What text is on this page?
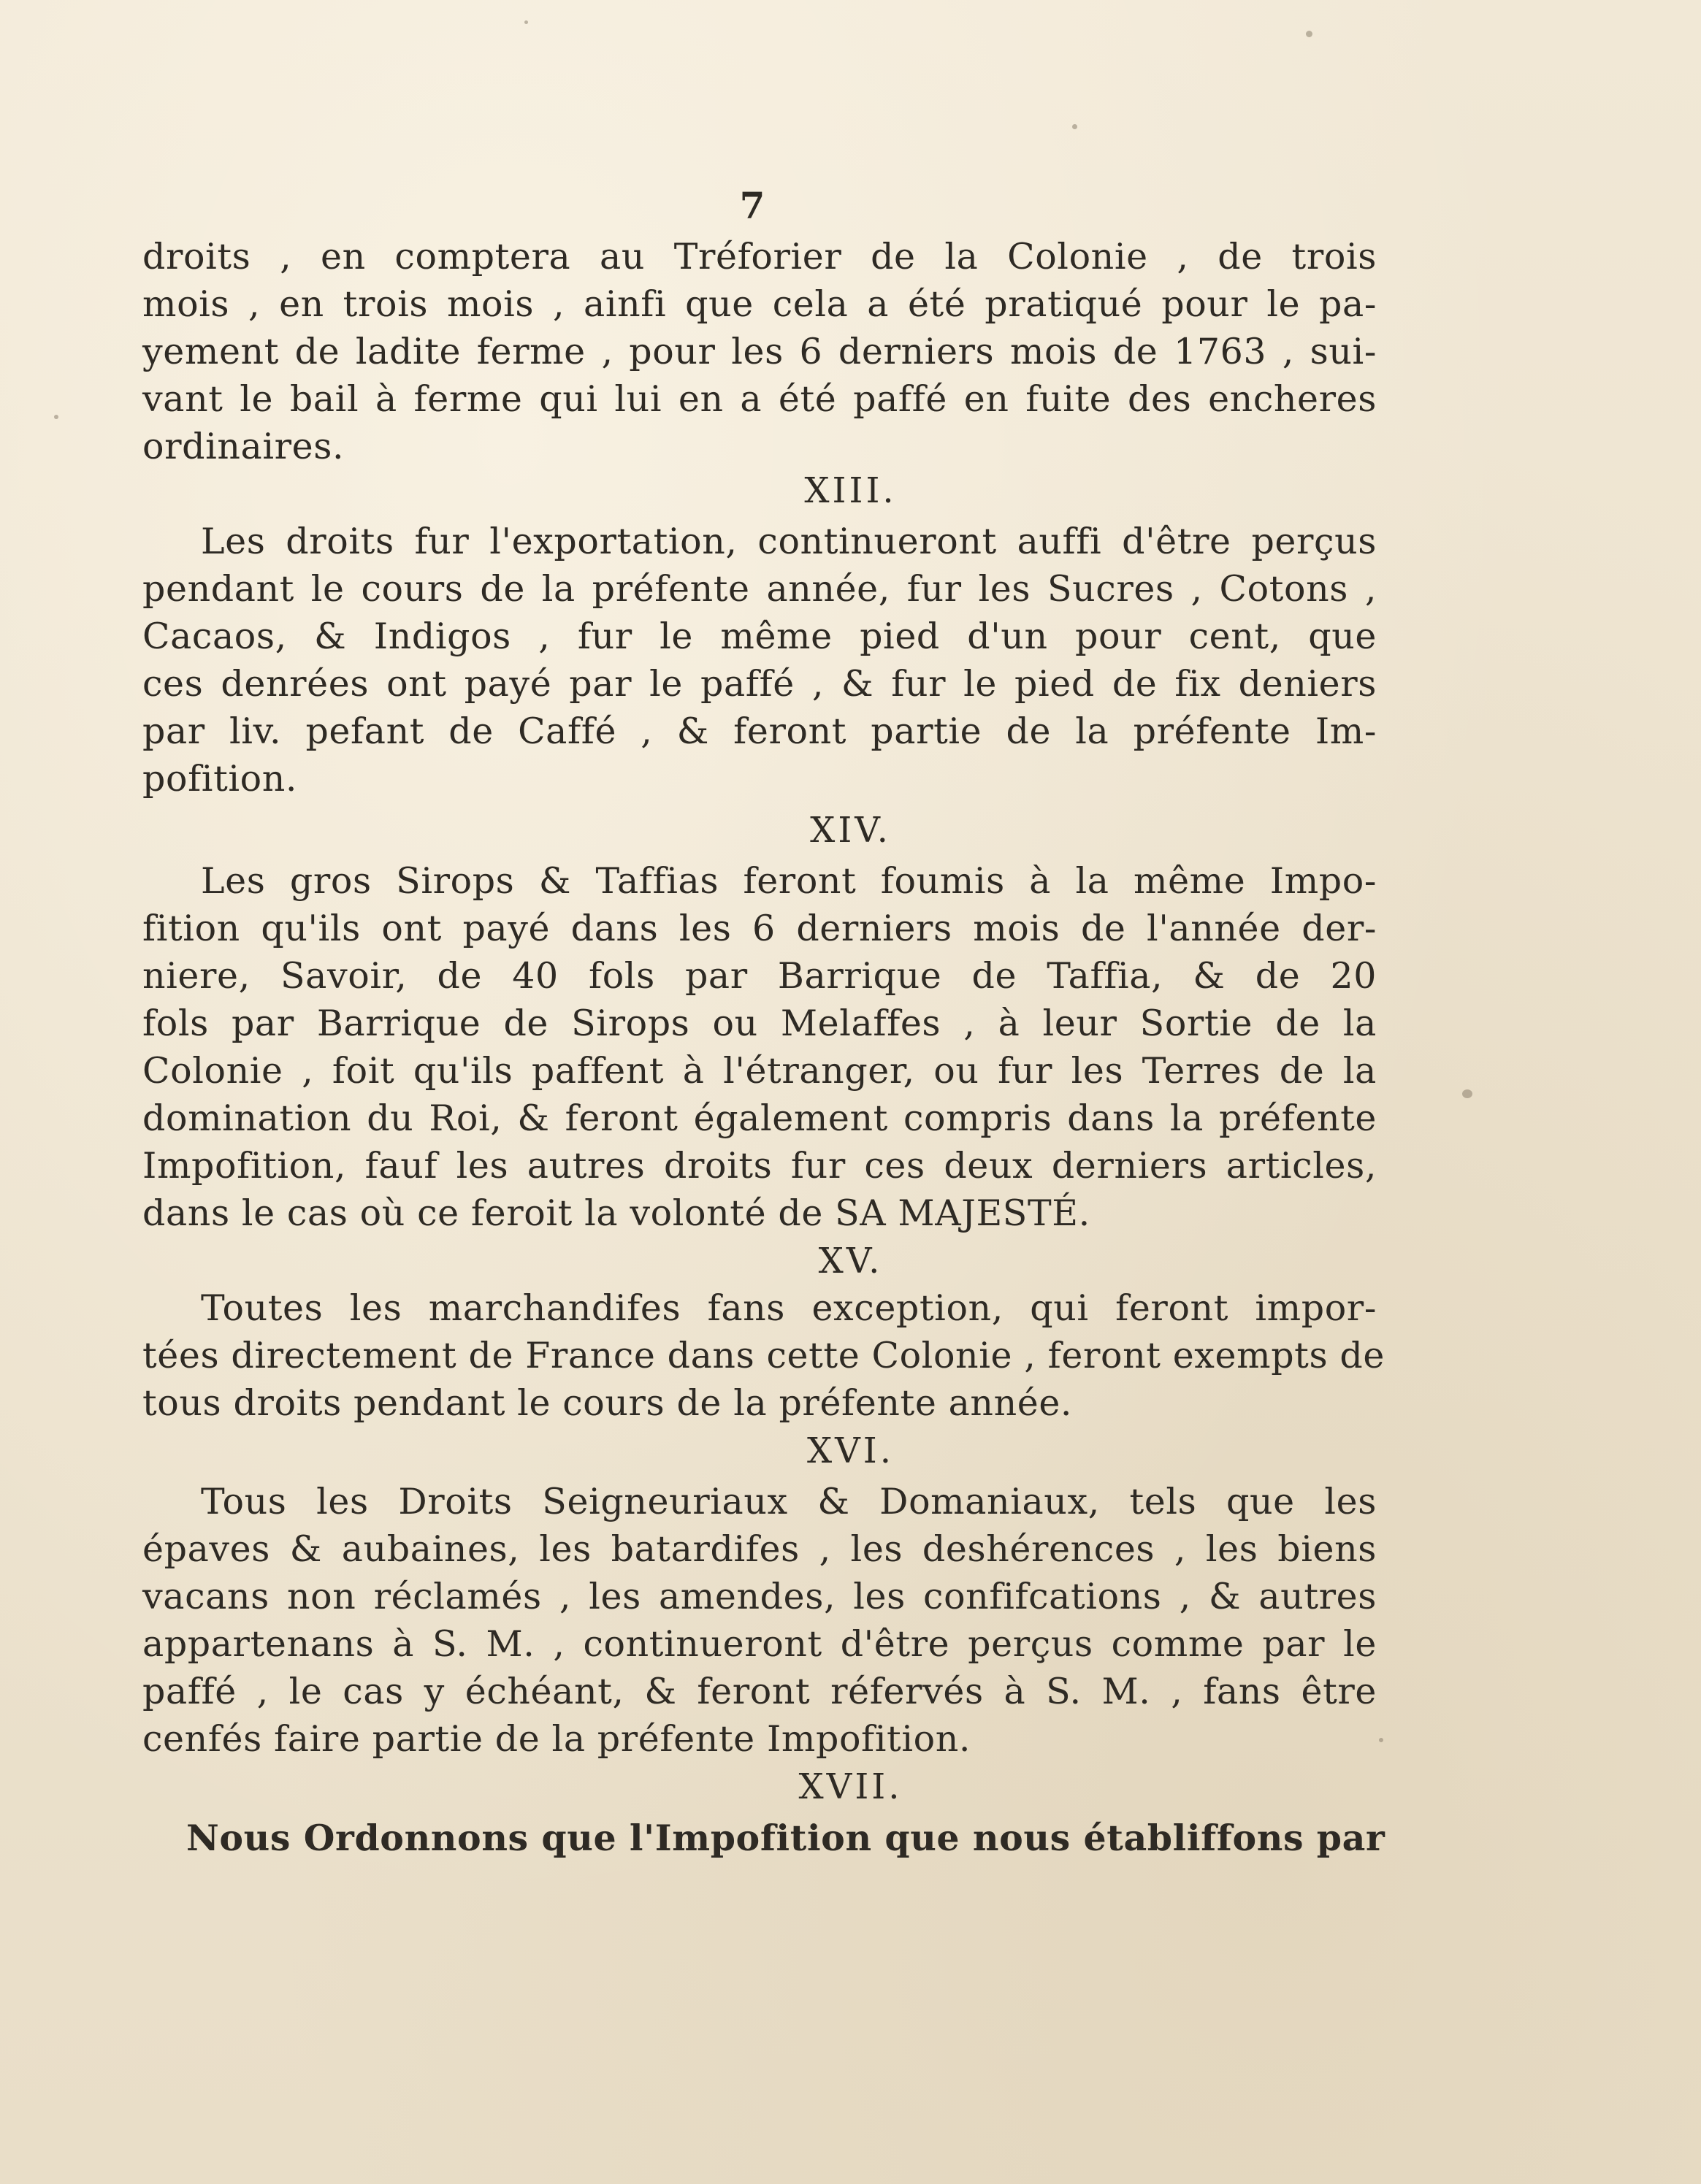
7
droits , en comptera au Tréforier de la Colonie , de trois
mois , en trois mois , ainfi que cela a été pratiqué pour le pa-
yement de ladite ferme , pour les 6 derniers mois de 1763 , sui-
vant le bail à ferme qui lui en a été paffé en fuite des encheres
ordinaires.
XIII.
Les droits fur l'exportation, continueront auffi d'être perçus
pendant le cours de la préfente année, fur les Sucres , Cotons ,
Cacaos, & Indigos , fur le même pied d'un pour cent, que
ces denrées ont payé par le paffé , & fur le pied de fix deniers
par liv. pefant de Caffé , & feront partie de la préfente Im-
pofition.
XIV.
Les gros Sirops & Taffias feront foumis à la même Impo-
fition qu'ils ont payé dans les 6 derniers mois de l'année der-
niere, Savoir, de 40 fols par Barrique de Taffia, & de 20
fols par Barrique de Sirops ou Melaffes , à leur Sortie de la
Colonie , foit qu'ils paffent à l'étranger, ou fur les Terres de la
domination du Roi, & feront également compris dans la préfente
Impofition, fauf les autres droits fur ces deux derniers articles,
dans le cas où ce feroit la volonté de SA MAJESTÉ.
XV.
Toutes les marchandifes fans exception, qui feront impor-
tées directement de France dans cette Colonie , feront exempts de
tous droits pendant le cours de la préfente année.
XVI.
Tous les Droits Seigneuriaux & Domaniaux, tels que les
épaves & aubaines, les batardifes , les deshérences , les biens
vacans non réclamés , les amendes, les confifcations , & autres
appartenans à S. M. , continueront d'être perçus comme par le
paffé , le cas y échéant, & feront réfervés à S. M. , fans être
cenfés faire partie de la préfente Impofition.
XVII.
Nous Ordonnons que l'Impofition que nous établiffons par
